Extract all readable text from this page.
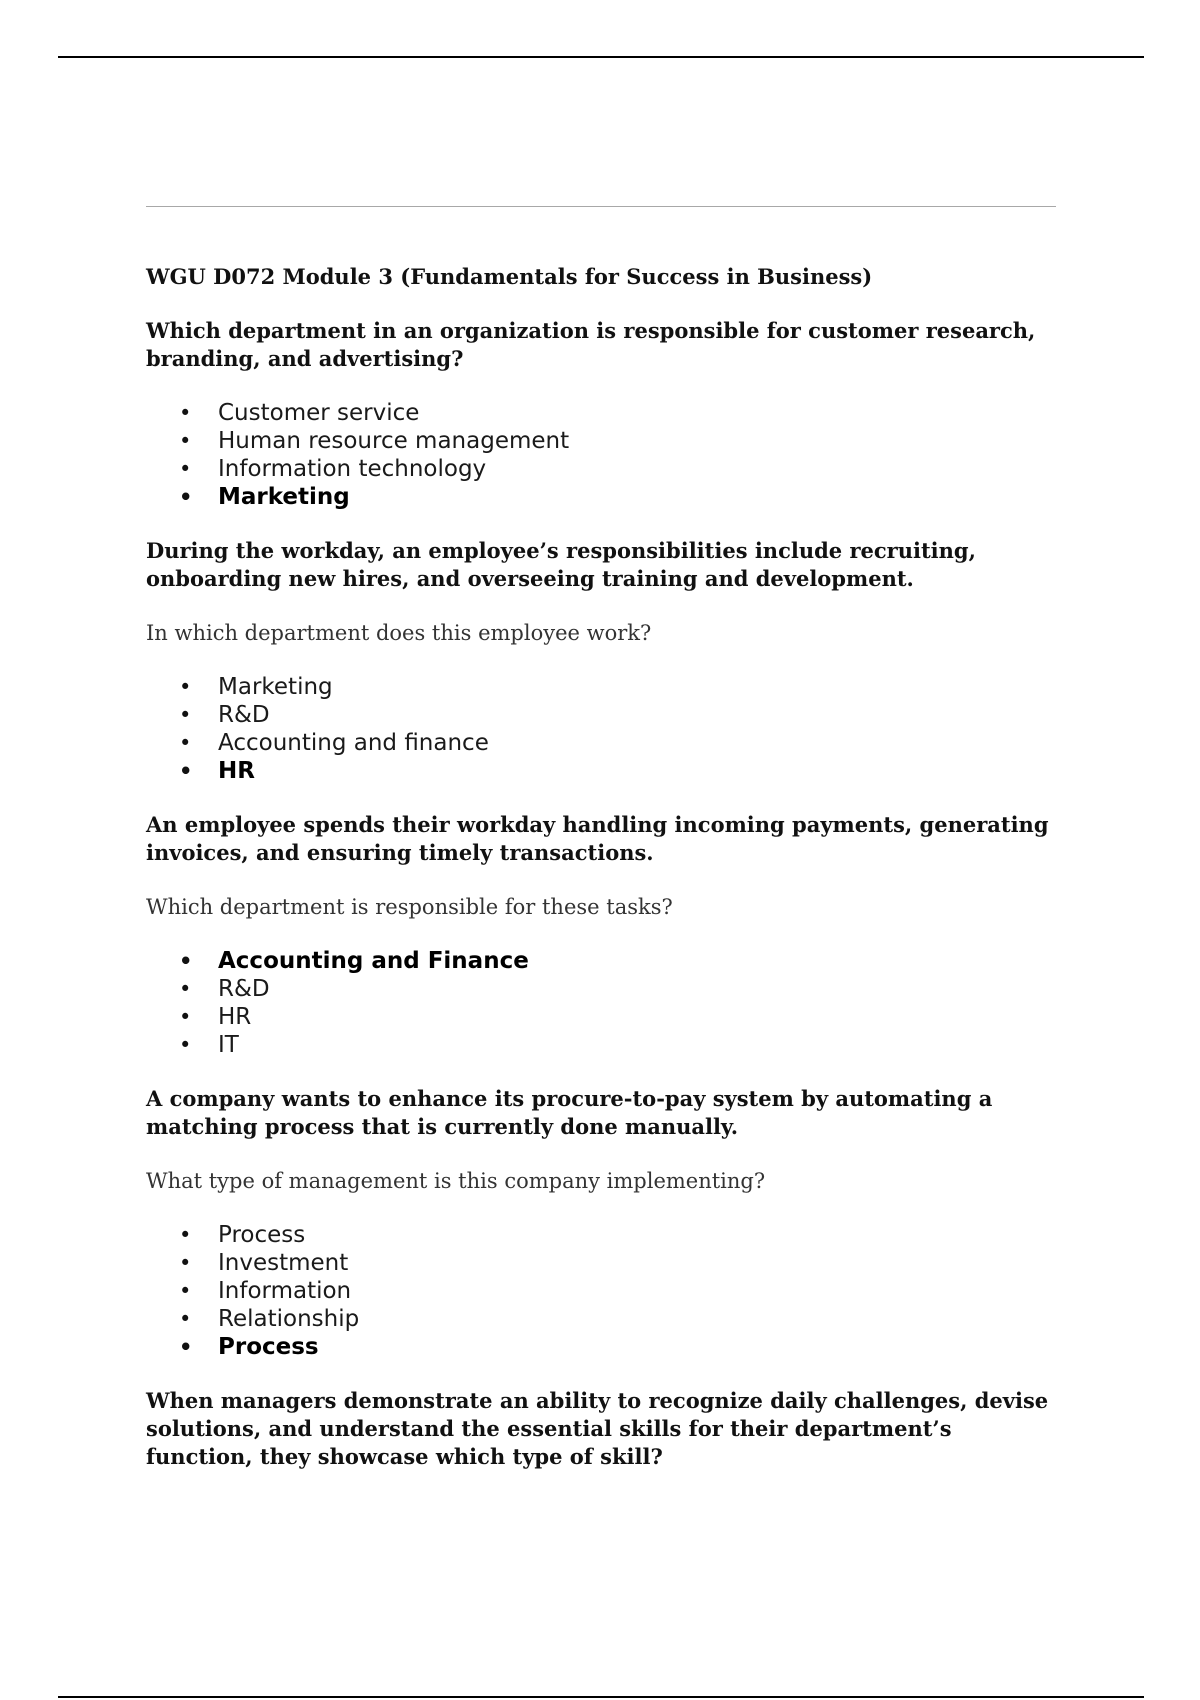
WGU D072 Module 3 (Fundamentals for Success in Business)

Which department in an organization is responsible for customer research, branding, and advertising?

• Customer service
• Human resource management
• Information technology
• Marketing

During the workday, an employee’s responsibilities include recruiting, onboarding new hires, and overseeing training and development.

In which department does this employee work?

• Marketing
• R&D
• Accounting and finance
• HR

An employee spends their workday handling incoming payments, generating invoices, and ensuring timely transactions.

Which department is responsible for these tasks?

• Accounting and Finance
• R&D
• HR
• IT

A company wants to enhance its procure-to-pay system by automating a matching process that is currently done manually.

What type of management is this company implementing?

• Process
• Investment
• Information
• Relationship
• Process

When managers demonstrate an ability to recognize daily challenges, devise solutions, and understand the essential skills for their department’s function, they showcase which type of skill?
